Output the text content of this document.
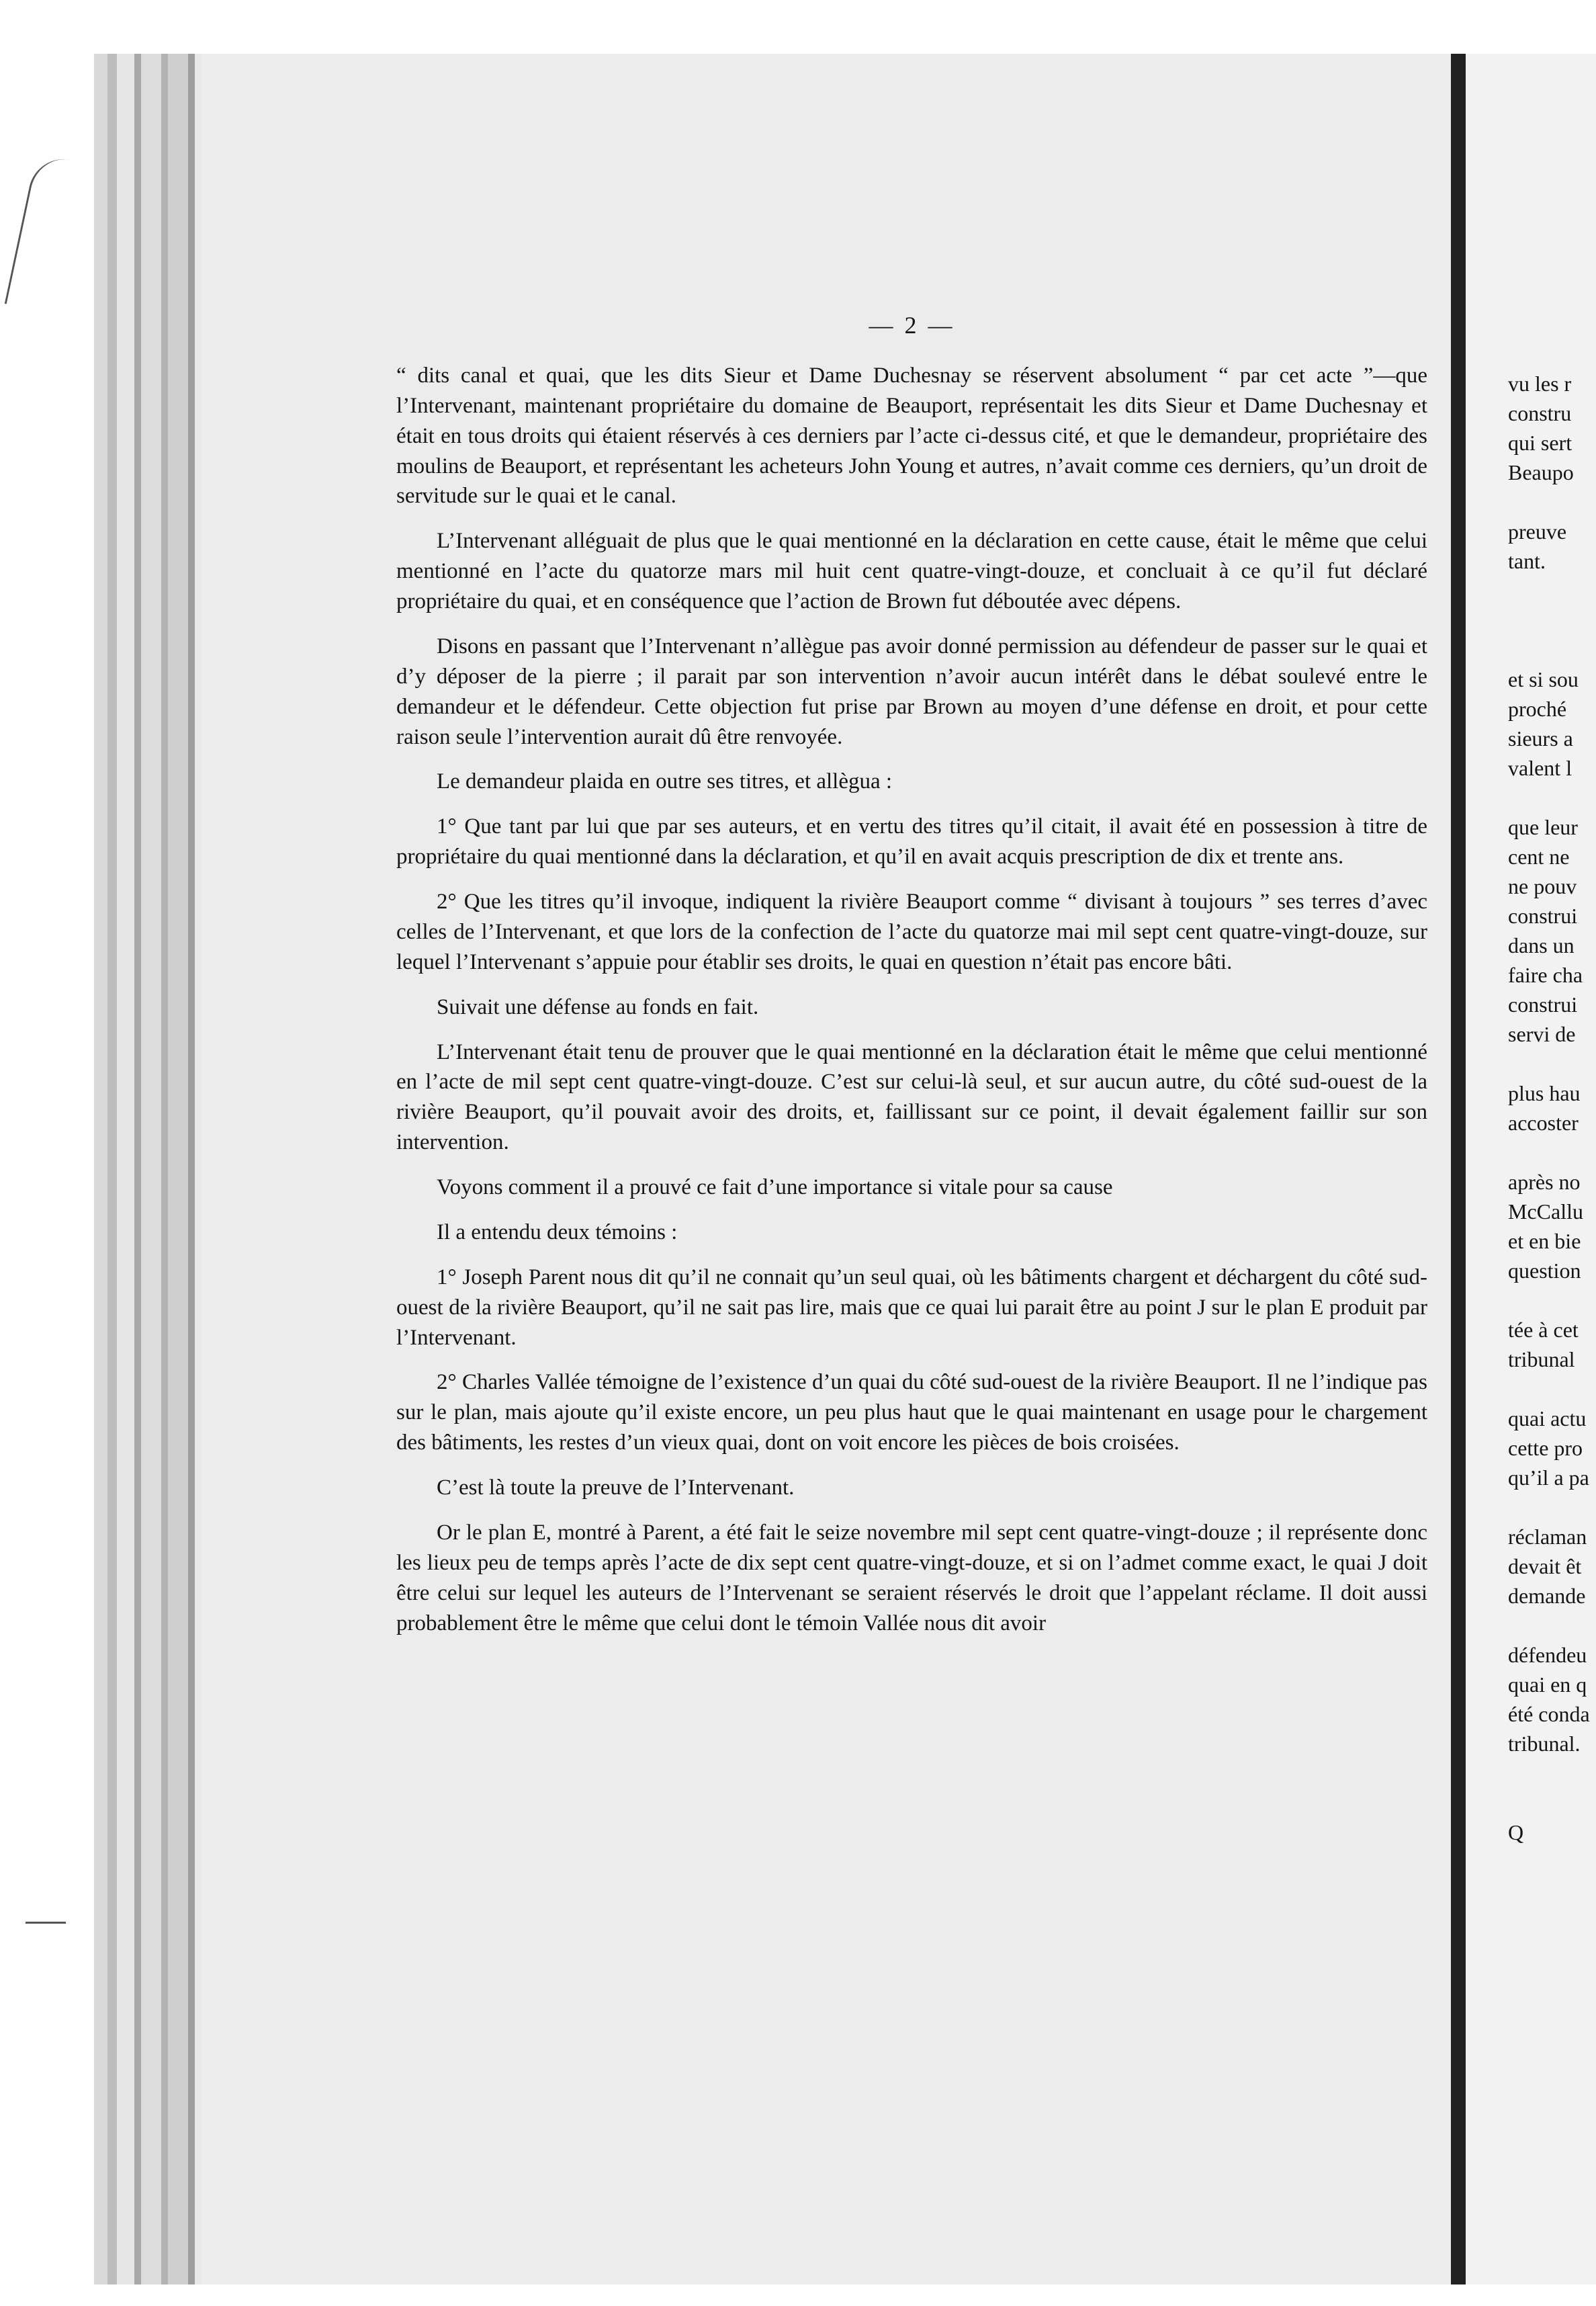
— 2 —

“ dits canal et quai, que les dits Sieur et Dame Duchesnay se réservent absolument “ par cet acte ”—que l’Intervenant, maintenant propriétaire du domaine de Beauport, représentait les dits Sieur et Dame Duchesnay et était en tous droits qui étaient réservés à ces derniers par l’acte ci-dessus cité, et que le demandeur, propriétaire des moulins de Beauport, et représentant les acheteurs John Young et autres, n’avait comme ces derniers, qu’un droit de servitude sur le quai et le canal.

L’Intervenant alléguait de plus que le quai mentionné en la déclaration en cette cause, était le même que celui mentionné en l’acte du quatorze mars mil huit cent quatre-vingt-douze, et concluait à ce qu’il fut déclaré propriétaire du quai, et en conséquence que l’action de Brown fut déboutée avec dépens.

Disons en passant que l’Intervenant n’allègue pas avoir donné permission au défendeur de passer sur le quai et d’y déposer de la pierre ; il parait par son intervention n’avoir aucun intérêt dans le débat soulevé entre le demandeur et le défendeur. Cette objection fut prise par Brown au moyen d’une défense en droit, et pour cette raison seule l’intervention aurait dû être renvoyée.

Le demandeur plaida en outre ses titres, et allègua :

1° Que tant par lui que par ses auteurs, et en vertu des titres qu’il citait, il avait été en possession à titre de propriétaire du quai mentionné dans la déclaration, et qu’il en avait acquis prescription de dix et trente ans.

2° Que les titres qu’il invoque, indiquent la rivière Beauport comme “ divisant à toujours ” ses terres d’avec celles de l’Intervenant, et que lors de la confection de l’acte du quatorze mai mil sept cent quatre-vingt-douze, sur lequel l’Intervenant s’appuie pour établir ses droits, le quai en question n’était pas encore bâti.

Suivait une défense au fonds en fait.

L’Intervenant était tenu de prouver que le quai mentionné en la déclaration était le même que celui mentionné en l’acte de mil sept cent quatre-vingt-douze. C’est sur celui-là seul, et sur aucun autre, du côté sud-ouest de la rivière Beauport, qu’il pouvait avoir des droits, et, faillissant sur ce point, il devait également faillir sur son intervention.

Voyons comment il a prouvé ce fait d’une importance si vitale pour sa cause

Il a entendu deux témoins :

1° Joseph Parent nous dit qu’il ne connait qu’un seul quai, où les bâtiments chargent et déchargent du côté sud-ouest de la rivière Beauport, qu’il ne sait pas lire, mais que ce quai lui parait être au point J sur le plan E produit par l’Intervenant.

2° Charles Vallée témoigne de l’existence d’un quai du côté sud-ouest de la rivière Beauport. Il ne l’indique pas sur le plan, mais ajoute qu’il existe encore, un peu plus haut que le quai maintenant en usage pour le chargement des bâtiments, les restes d’un vieux quai, dont on voit encore les pièces de bois croisées.

C’est là toute la preuve de l’Intervenant.

Or le plan E, montré à Parent, a été fait le seize novembre mil sept cent quatre-vingt-douze ; il représente donc les lieux peu de temps après l’acte de dix sept cent quatre-vingt-douze, et si on l’admet comme exact, le quai J doit être celui sur lequel les auteurs de l’Intervenant se seraient réservés le droit que l’appelant réclame. Il doit aussi probablement être le même que celui dont le témoin Vallée nous dit avoir

vu les r
constru
qui sert
Beaupo
preuve
tant.
et si sou
proché
sieurs a
valent l
que leur
cent ne
ne pouv
construi
dans un
faire cha
construi
servi de
plus hau
accoster
après no
McCallu
et en bie
question
tée à cet
tribunal
quai actu
cette pro
qu’il a pa
réclaman
devait êt
demande
défendeu
quai en q
été conda
tribunal.
Q
